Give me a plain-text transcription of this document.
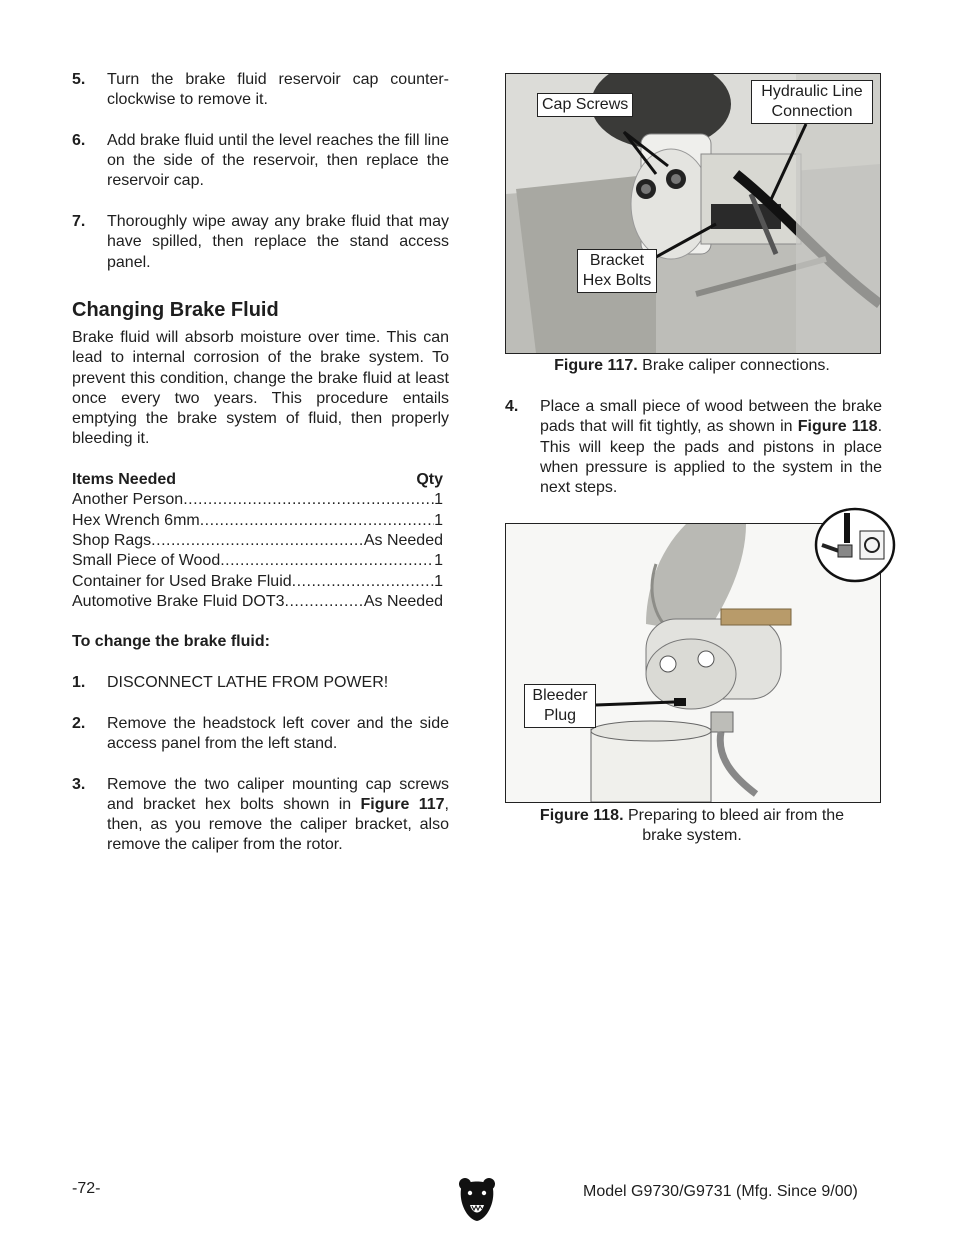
5.	Turn the brake fluid reservoir cap counter-clockwise to remove it.
6.	Add brake fluid until the level reaches the fill line on the side of the reservoir, then replace the reservoir cap.
7.	Thoroughly wipe away any brake fluid that may have spilled, then replace the stand access panel.
Changing Brake Fluid

Brake fluid will absorb moisture over time. This can lead to internal corrosion of the brake system. To prevent this condition, change the brake fluid at least once every two years. This procedure entails emptying the brake system of fluid, then properly bleeding it.

Items Needed	Qty
Another Person .....	1
Hex Wrench 6mm .....	1
Shop Rags .....	As Needed
Small Piece of Wood .....	1
Container for Used Brake Fluid .....	1
Automotive Brake Fluid DOT3 .....	As Needed
To change the brake fluid:
1.	DISCONNECT LATHE FROM POWER!
2.	Remove the headstock left cover and the side access panel from the left stand.
3.	Remove the two caliper mounting cap screws and bracket hex bolts shown in Figure 117, then, as you remove the caliper bracket, also remove the caliper from the rotor.
Cap Screws
Hydraulic Line Connection
Bracket Hex Bolts
Figure 117. Brake caliper connections.
4.	Place a small piece of wood between the brake pads that will fit tightly, as shown in Figure 118. This will keep the pads and pistons in place when pressure is applied to the system in the next steps.
Bleeder Plug
Figure 118. Preparing to bleed air from the
brake system.
-72-	Model G9730/G9731 (Mfg. Since 9/00)
